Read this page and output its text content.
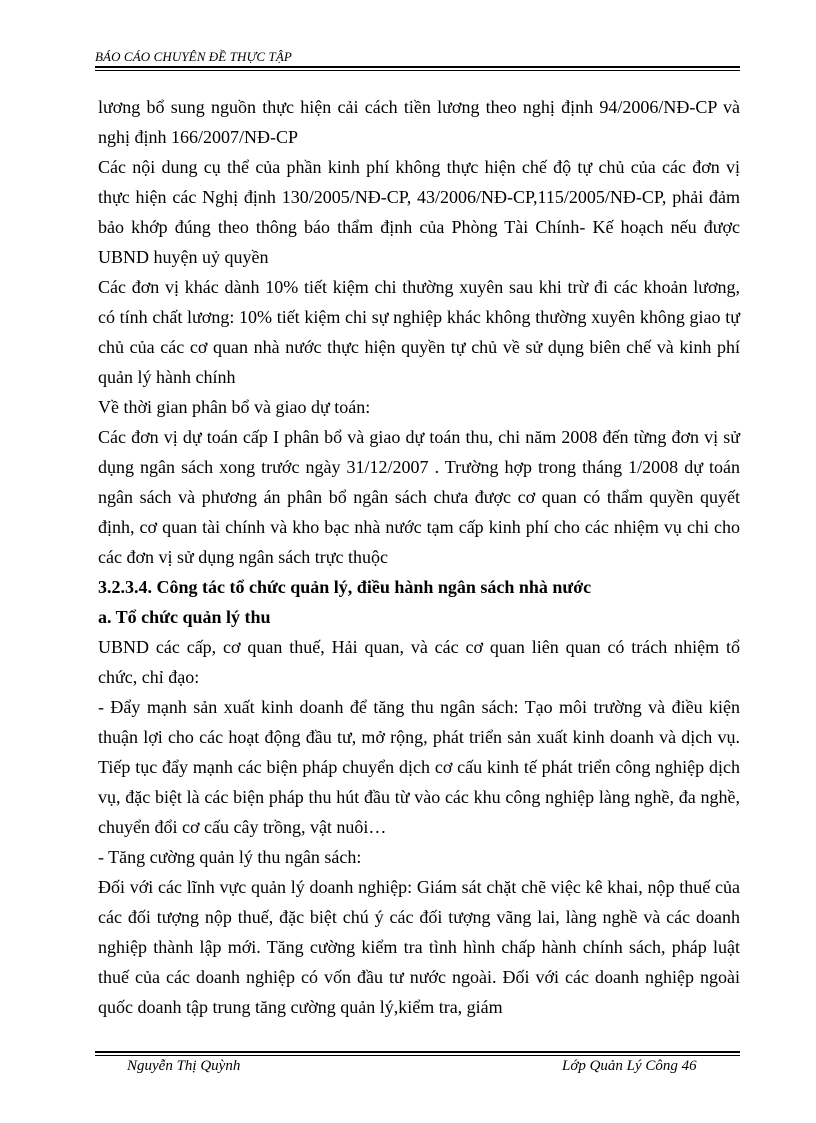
BÁO CÁO CHUYÊN ĐỀ THỰC TẬP

lương bổ sung nguồn thực hiện cải cách tiền lương theo nghị định 94/2006/NĐ-CP và nghị định 166/2007/NĐ-CP

Các nội dung cụ thể của phần kinh phí không thực hiện chế độ tự chủ của các đơn vị thực hiện các Nghị định 130/2005/NĐ-CP, 43/2006/NĐ-CP,115/2005/NĐ-CP, phải đảm bảo khớp đúng theo thông báo thẩm định của Phòng Tài Chính- Kế hoạch nếu được UBND huyện uỷ quyền

Các đơn vị khác dành 10% tiết kiệm chi thường xuyên sau khi trừ đi các khoản lương, có tính chất lương: 10% tiết kiệm chi sự nghiệp khác không thường xuyên không giao tự chủ của các cơ quan nhà nước thực hiện quyền tự chủ về sử dụng biên chế và kinh phí quản lý hành chính

Về thời gian phân bổ và giao dự toán:

Các đơn vị dự toán cấp I phân bổ và giao dự toán thu, chi năm 2008 đến từng đơn vị sử dụng ngân sách xong trước ngày 31/12/2007 . Trường hợp trong tháng 1/2008 dự toán ngân sách và phương án phân bổ ngân sách chưa được cơ quan có thẩm quyền quyết định, cơ quan tài chính và kho bạc nhà nước tạm cấp kinh phí cho các nhiệm vụ chi cho các đơn vị sử dụng ngân sách trực thuộc

3.2.3.4. Công tác tổ chức quản lý, điều hành ngân sách nhà nước

a. Tổ chức quản lý thu

UBND các cấp, cơ quan thuế, Hải quan, và các cơ quan liên quan có trách nhiệm tổ chức, chỉ đạo:

- Đẩy mạnh sản xuất kinh doanh để tăng thu ngân sách: Tạo môi trường và điều kiện thuận lợi cho các hoạt động đầu tư, mở rộng, phát triển sản xuất kinh doanh và dịch vụ. Tiếp tục đẩy mạnh các biện pháp chuyển dịch cơ cấu kinh tế phát triển công nghiệp dịch vụ, đặc biệt là các biện pháp thu hút đầu từ vào các khu công nghiệp làng nghề, đa nghề, chuyển đổi cơ cấu cây trồng, vật nuôi…

- Tăng cường quản lý thu ngân sách:

Đối với các lĩnh vực quản lý doanh nghiệp: Giám sát chặt chẽ việc kê khai, nộp thuế của các đối tượng nộp thuế, đặc biệt chú ý các đối tượng vãng lai, làng nghề và các doanh nghiệp thành lập mới. Tăng cường kiểm tra tình hình chấp hành chính sách, pháp luật thuế của các doanh nghiệp có vốn đầu tư nước ngoài. Đối với các doanh nghiệp ngoài quốc doanh tập trung tăng cường quản lý,kiểm tra, giám

Nguyễn Thị Quỳnh	Lớp Quản Lý Công 46
